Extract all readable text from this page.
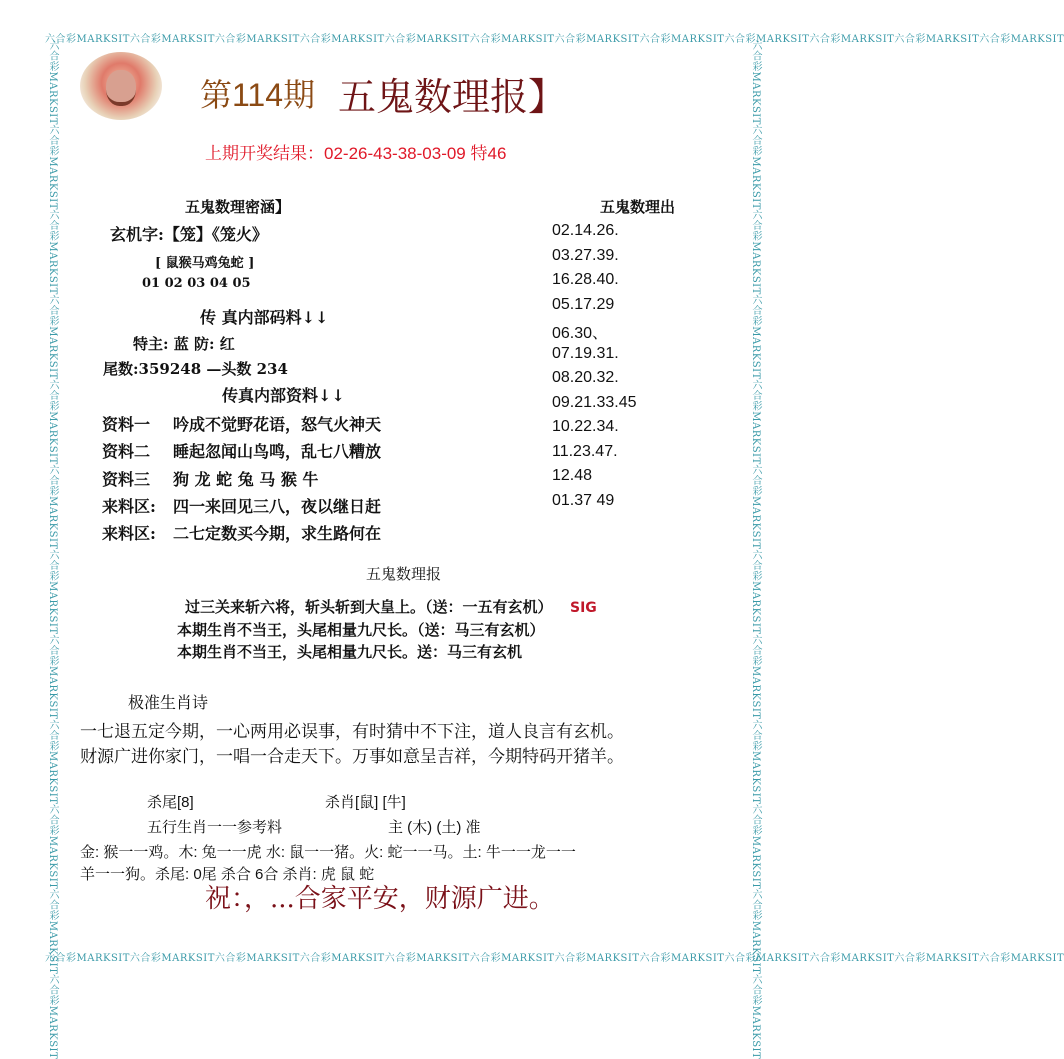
六合彩MARKSIT六合彩MARKSIT六合彩MARKSIT六合彩MARKSIT六合彩MARKSIT六合彩MARKSIT六合彩MARKSIT六合彩MARKSIT六合彩MARKSIT六合彩MARKSIT六合彩MARKSIT六合彩MARKSIT
六合彩MARKSIT六合彩MARKSIT六合彩MARKSIT六合彩MARKSIT六合彩MARKSIT六合彩MARKSIT六合彩MARKSIT六合彩MARKSIT六合彩MARKSIT六合彩MARKSIT六合彩MARKSIT六合彩MARKSIT
六合彩MARKSIT六合彩MARKSIT六合彩MARKSIT六合彩MARKSIT六合彩MARKSIT六合彩MARKSIT六合彩MARKSIT六合彩MARKSIT六合彩MARKSIT六合彩MARKSIT六合彩MARKSIT六合彩MARKSIT	六合彩MARKSIT六合彩MARKSIT六合彩MARKSIT六合彩MARKSIT六合彩MARKSIT六合彩MARKSIT六合彩MARKSIT六合彩MARKSIT六合彩MARKSIT六合彩MARKSIT六合彩MARKSIT六合彩MARKSIT
第114期 五鬼数理报】
上期开奖结果：02-26-43-38-03-09 特46
五鬼数理密涵】
玄机字:【笼】《笼火》
[ 鼠猴马鸡兔蛇 ]
01 02 03 04 05
传 真内部码料↓↓
特主: 蓝 防: 红
尾数:359248 —头数 234
传真内部资料↓↓
资料一 吟成不觉野花语，怒气火神天
资料二 睡起忽闻山鸟鸣，乱七八糟放
资料三 狗 龙 蛇 兔 马 猴 牛
来料区: 四一来回见三八，夜以继日赶
来料区: 二七定数买今期，求生路何在
五鬼数理出
02.14.26.
03.27.39.
16.28.40.
05.17.29
06.30、
07.19.31.
08.20.32.
09.21.33.45
10.22.34.
11.23.47.
12.48
01.37 49
五鬼数理报
过三关来斩六将，斩头斩到大皇上。（送：一五有玄机）
本期生肖不当王，头尾相量九尺长。（送：马三有玄机）
本期生肖不当王，头尾相量九尺长。送：马三有玄机
SIG
极准生肖诗
一七退五定今期，一心两用必误事，有时猜中不下注，道人良言有玄机。
财源广进你家门，一唱一合走天下。万事如意呈吉祥，今期特码开猪羊。
杀尾[8]	杀肖[鼠] [牛]
五行生肖一一参考料	主 (木) (土) 准
金: 猴一一鸡。木: 兔一一虎 水: 鼠一一猪。火: 蛇一一马。土: 牛一一龙一一
羊一一狗。杀尾: 0尾 杀合 6合 杀肖: 虎 鼠 蛇
祝：，...合家平安，财源广进。
